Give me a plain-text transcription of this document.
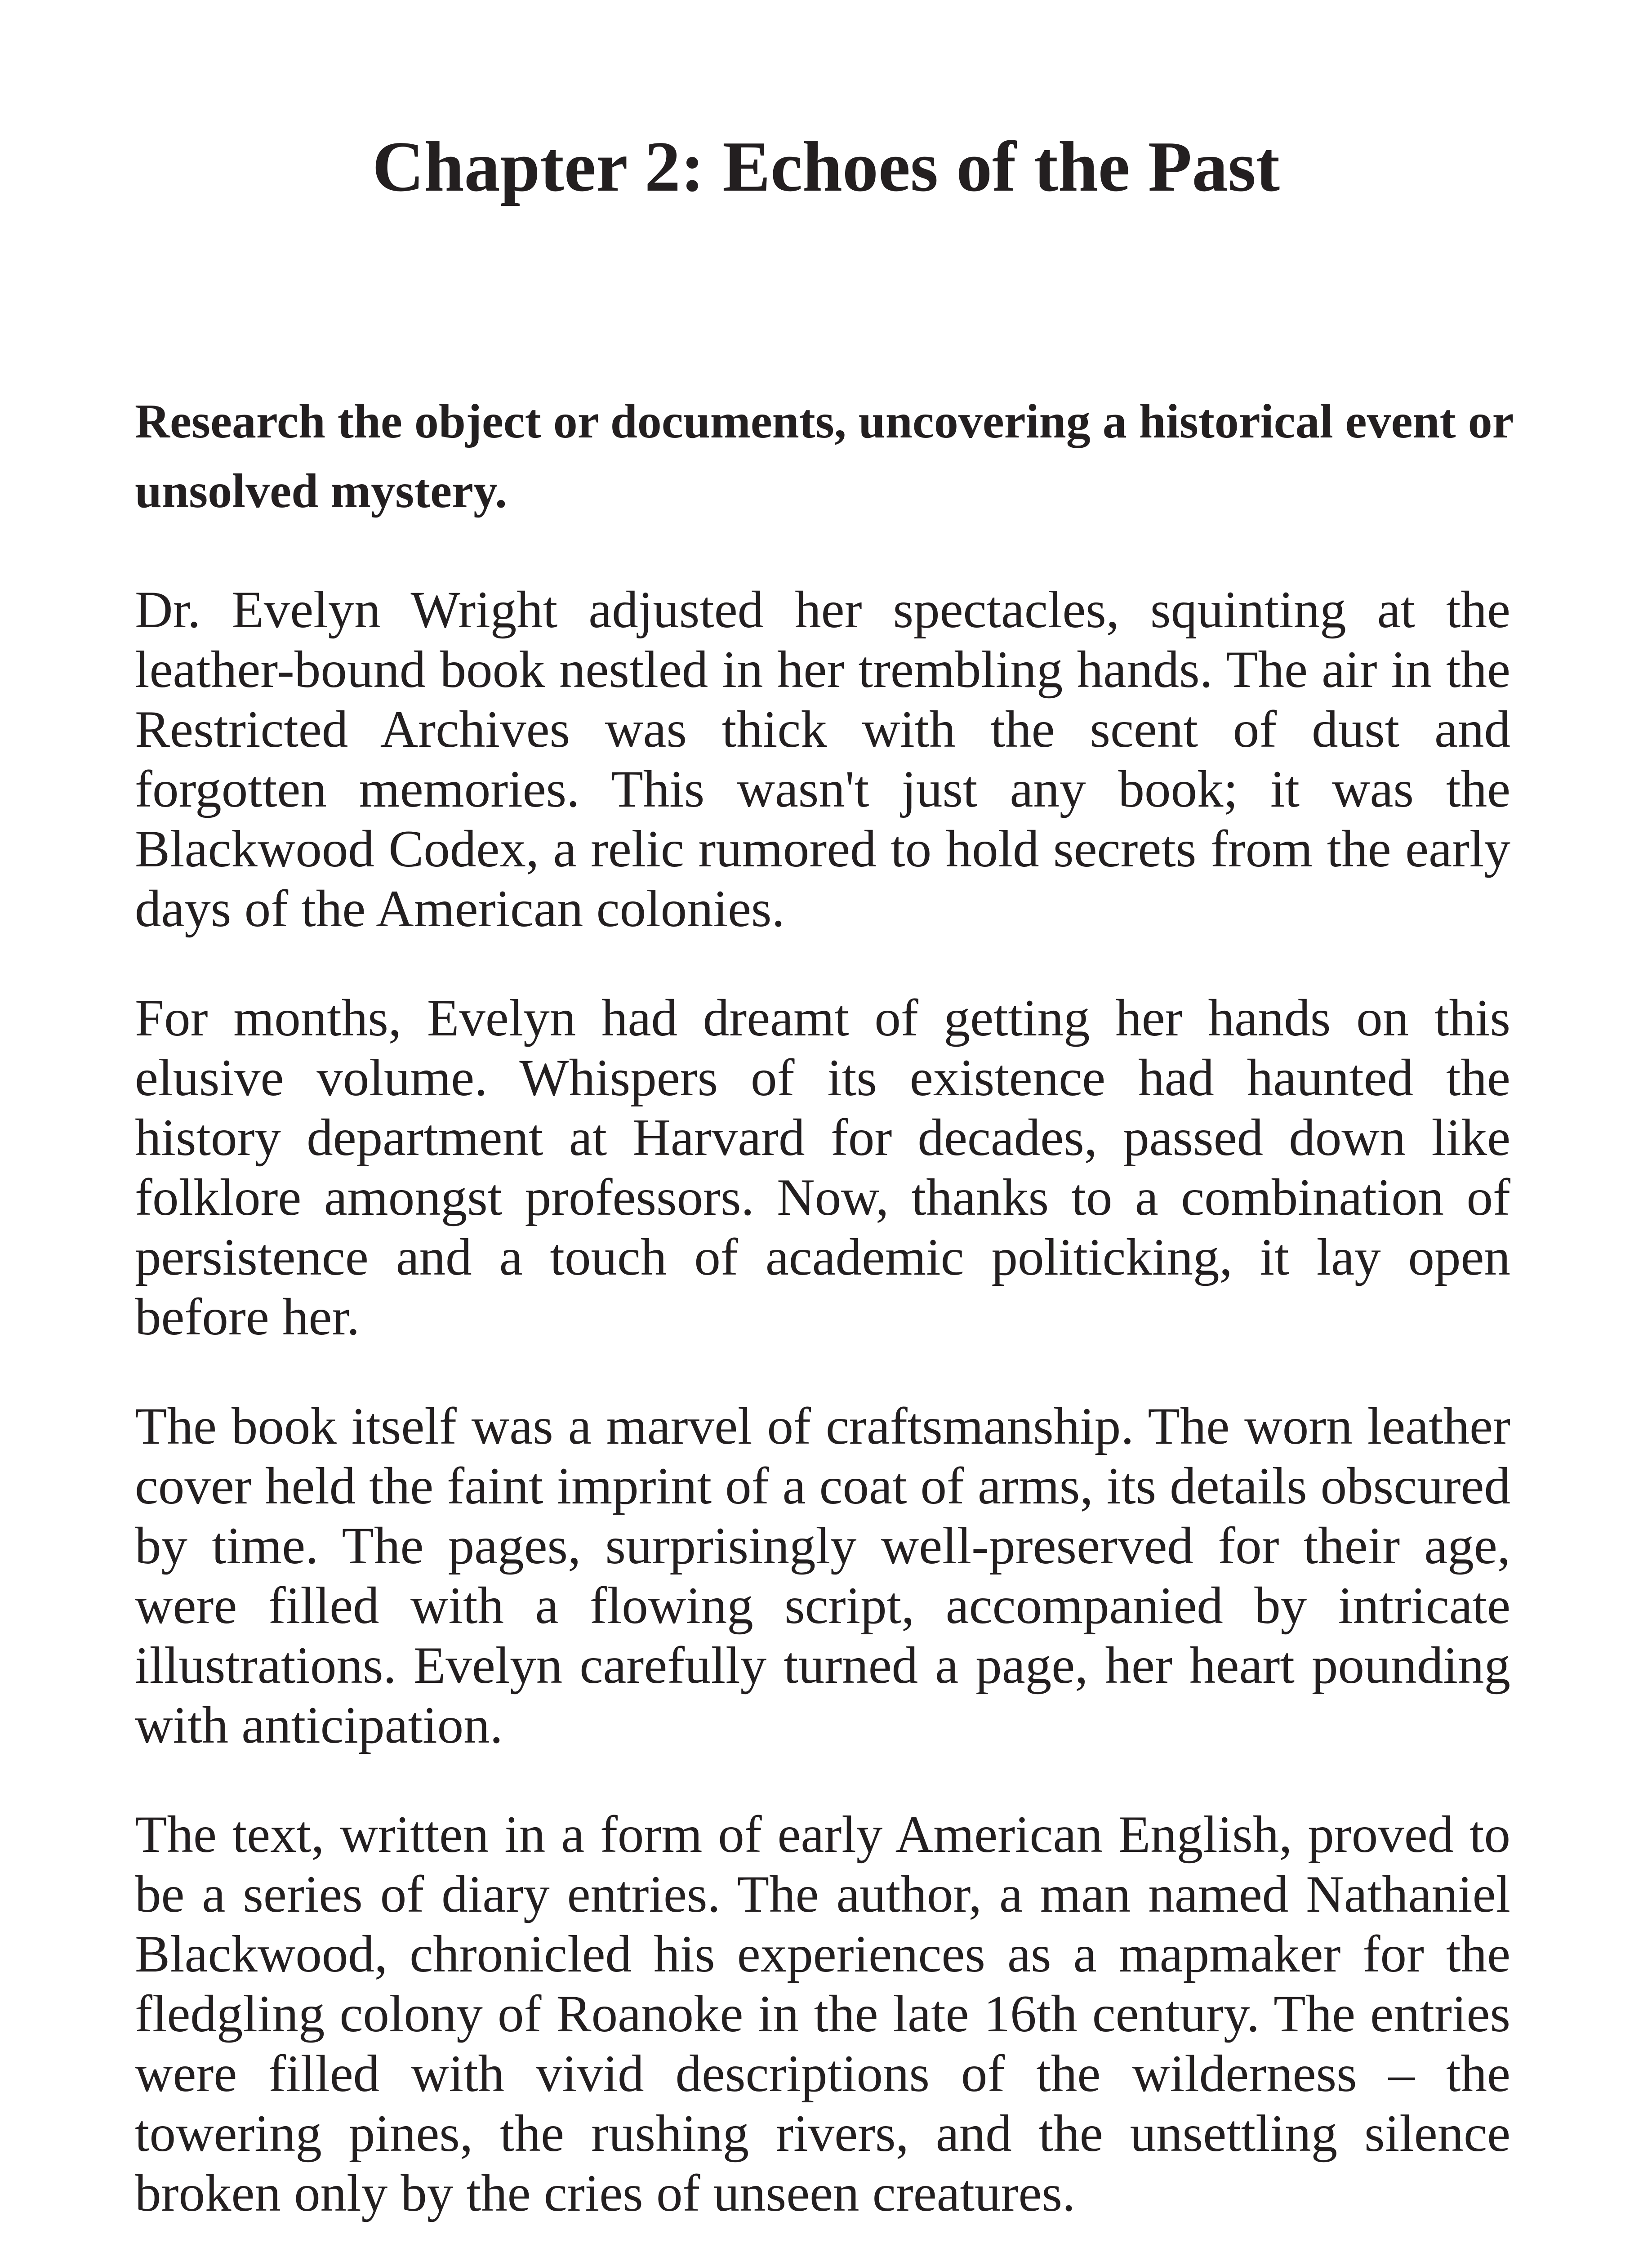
Chapter 2: Echoes of the Past

Research the object or documents, uncovering a historical event or unsolved mystery.

Dr. Evelyn Wright adjusted her spectacles, squinting at the leather-bound book nestled in her trembling hands. The air in the Restricted Archives was thick with the scent of dust and forgotten memories. This wasn't just any book; it was the Blackwood Codex, a relic rumored to hold secrets from the early days of the American colonies.

For months, Evelyn had dreamt of getting her hands on this elusive volume. Whispers of its existence had haunted the history department at Harvard for decades, passed down like folklore amongst professors. Now, thanks to a combination of persistence and a touch of academic politicking, it lay open before her.

The book itself was a marvel of craftsmanship. The worn leather cover held the faint imprint of a coat of arms, its details obscured by time. The pages, surprisingly well-preserved for their age, were filled with a flowing script, accompanied by intricate illustrations. Evelyn carefully turned a page, her heart pounding with anticipation.

The text, written in a form of early American English, proved to be a series of diary entries. The author, a man named Nathaniel Blackwood, chronicled his experiences as a mapmaker for the fledgling colony of Roanoke in the late 16th century. The entries were filled with vivid descriptions of the wilderness – the towering pines, the rushing rivers, and the unsettling silence broken only by the cries of unseen creatures.
